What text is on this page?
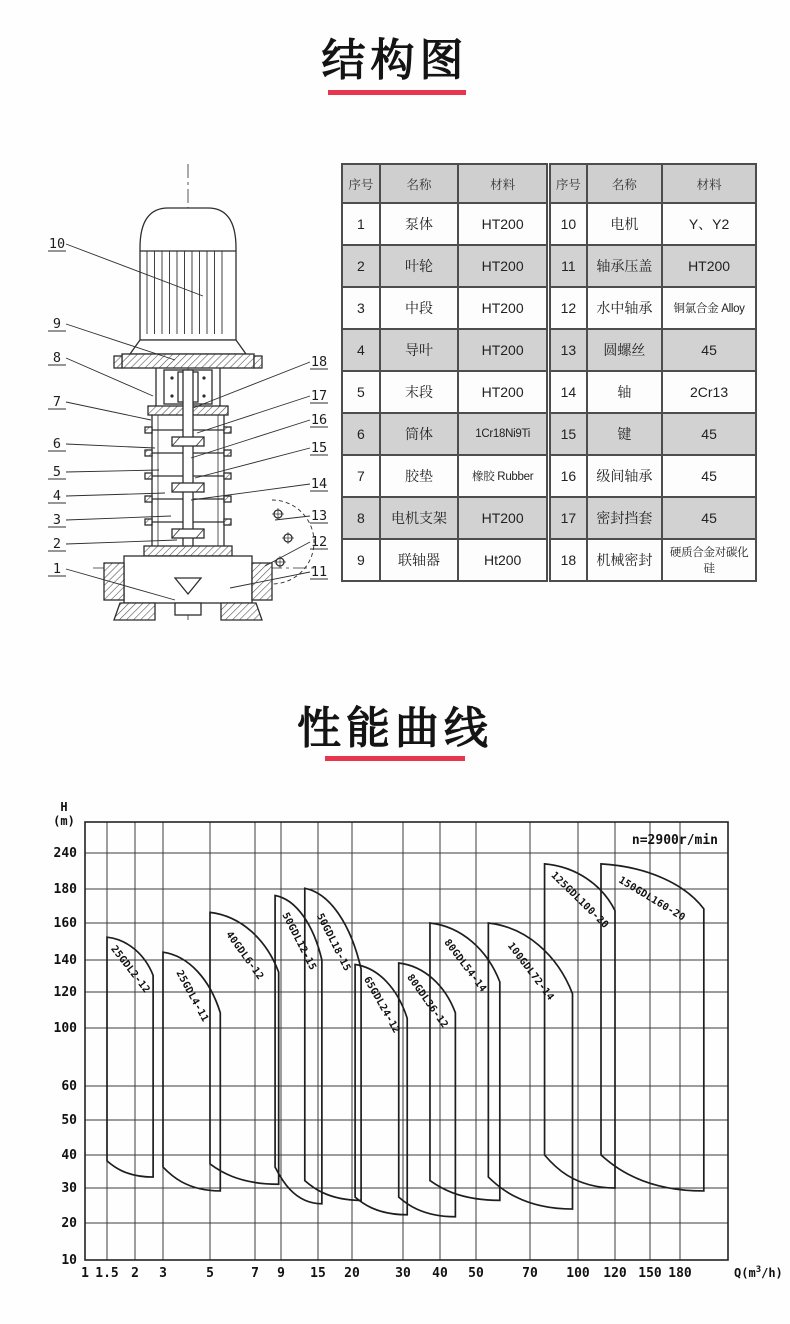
结构图
10
9
8
7
6
5
4
3
2
1
18
17
16
15
14
13
12
11
序号	名称	材料
1	泵体	HT200
2	叶轮	HT200
3	中段	HT200
4	导叶	HT200
5	末段	HT200
6	筒体	1Cr18Ni9Ti
7	胶垫	橡胶 Rubber
8	电机支架	HT200
9	联轴器	Ht200
序号	名称	材料
10	电机	Y、Y2
11	轴承压盖	HT200
12	水中轴承	铜氯合金 Alloy
13	圆螺丝	45
14	轴	2Cr13
15	键	45
16	级间轴承	45
17	密封挡套	45
18	机械密封	硬质合金对碳化硅
性能曲线
1 1.5 2 3	5	7 9 15 20	30 40 50	70 100 120 150 180
10
20
30
40
50
60
100
120
140
160
180
240
H
(m)
$Q(m^3/h)$
n=2900r/min
25GDL2-12 25GDL4-11
40GDL6-12 50GDL12-15
50GDL18-15
65GDL24-12 80GDL36-12
80GDL54-14 100GDL72-14
125GDL100-20 150GDL160-20
